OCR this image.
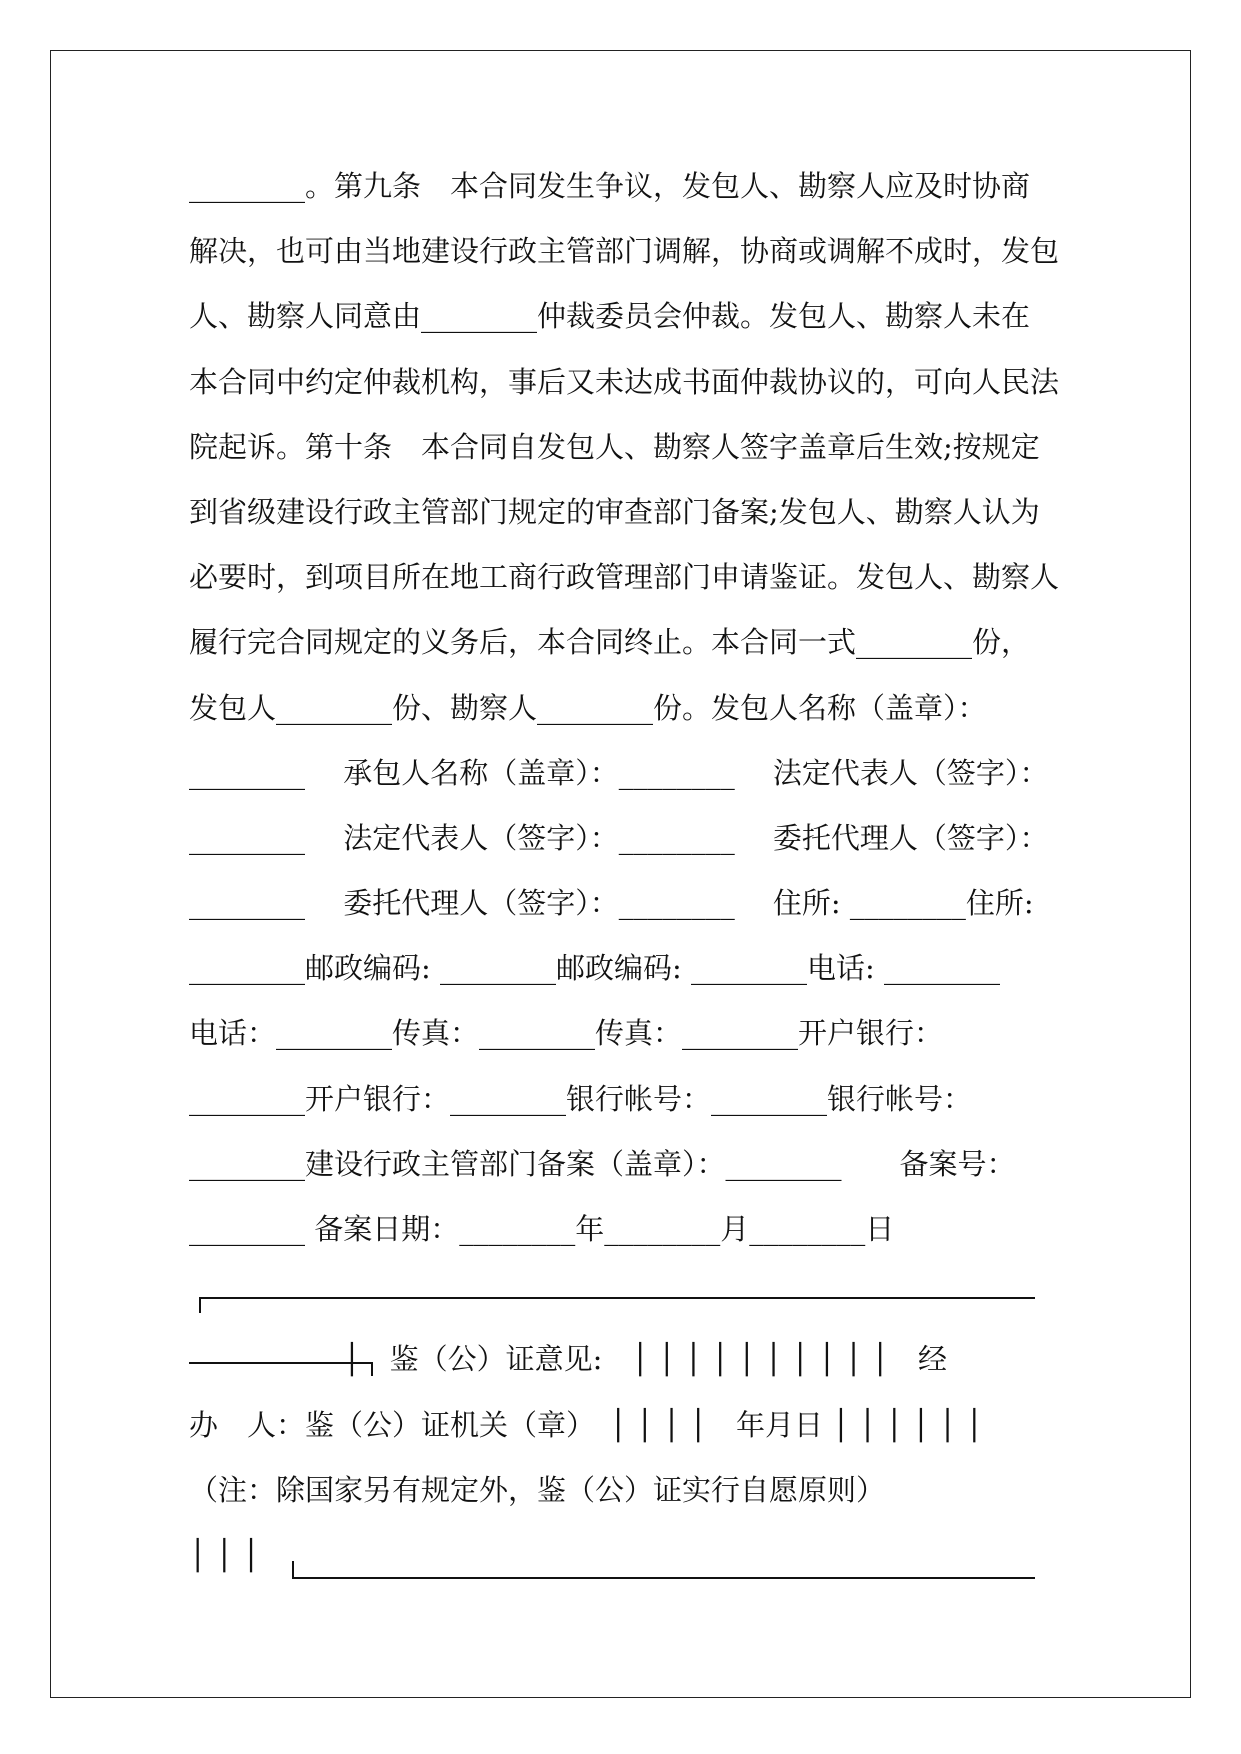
________。第九条　本合同发生争议，发包人、勘察人应及时协商
解决，也可由当地建设行政主管部门调解，协商或调解不成时，发包
人、勘察人同意由________仲裁委员会仲裁。发包人、勘察人未在
本合同中约定仲裁机构，事后又未达成书面仲裁协议的，可向人民法
院起诉。第十条　本合同自发包人、勘察人签字盖章后生效;按规定
到省级建设行政主管部门规定的审查部门备案;发包人、勘察人认为
必要时，到项目所在地工商行政管理部门申请鉴证。发包人、勘察人
履行完合同规定的义务后，本合同终止。本合同一式________份，
发包人________份、勘察人________份。发包人名称（盖章）：
________　 承包人名称（盖章）：________　 法定代表人（签字）：
________　 法定代表人（签字）：________　 委托代理人（签字）：
________　 委托代理人（签字）：________　 住所: ________住所:
________邮政编码: ________邮政编码: ________电话: ________
电话：________传真：________传真：________开户银行：
________开户银行：________银行帐号：________银行帐号：
________建设行政主管部门备案（盖章）：________　　备案号：
________ 备案日期：________年________月________日
　　　　　 │　鉴（公）证意见:　│ │ │ │ │ │ │ │ │ │　经
办　人：鉴（公）证机关（章）　│ │ │ │　年月日 │ │ │ │ │ │
（注：除国家另有规定外，鉴（公）证实行自愿原则）
│ │ │
